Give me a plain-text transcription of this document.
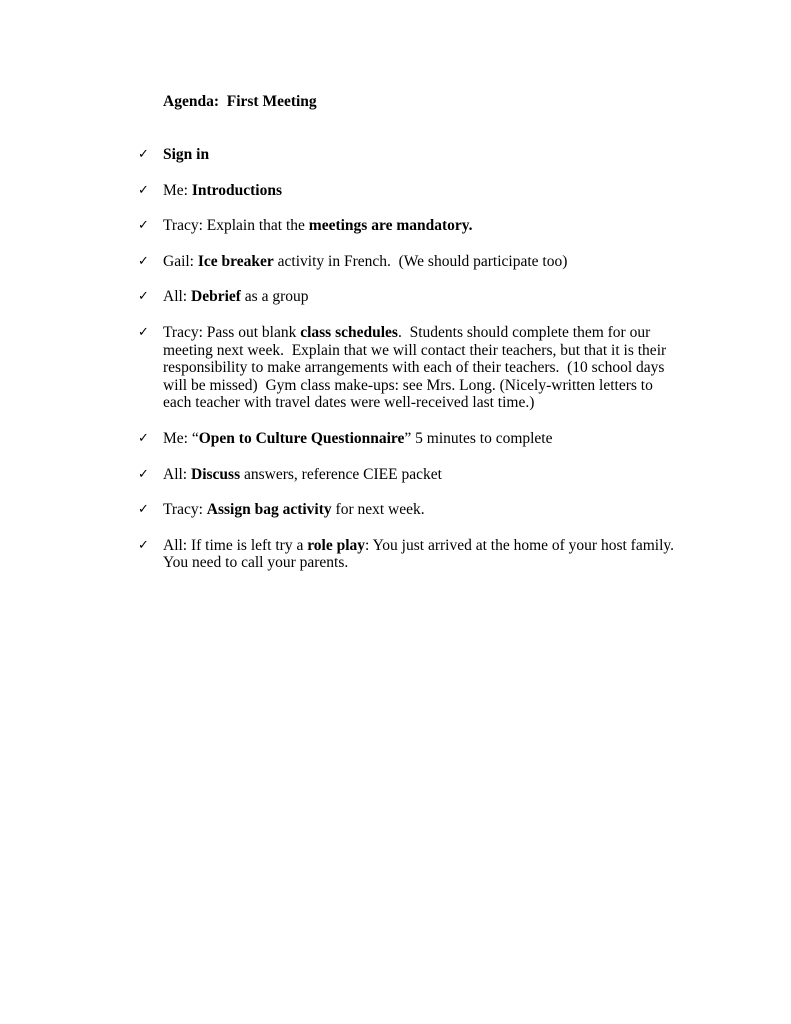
Agenda:  First Meeting
✓ Sign in
✓ Me: Introductions
✓ Tracy: Explain that the meetings are mandatory.
✓ Gail: Ice breaker activity in French.  (We should participate too)
✓ All: Debrief as a group
✓ Tracy: Pass out blank class schedules.  Students should complete them for our meeting next week.  Explain that we will contact their teachers, but that it is their responsibility to make arrangements with each of their teachers.  (10 school days will be missed)  Gym class make-ups: see Mrs. Long. (Nicely-written letters to each teacher with travel dates were well-received last time.)
✓ Me: “Open to Culture Questionnaire” 5 minutes to complete
✓ All: Discuss answers, reference CIEE packet
✓ Tracy: Assign bag activity for next week.
✓ All: If time is left try a role play: You just arrived at the home of your host family.  You need to call your parents.
